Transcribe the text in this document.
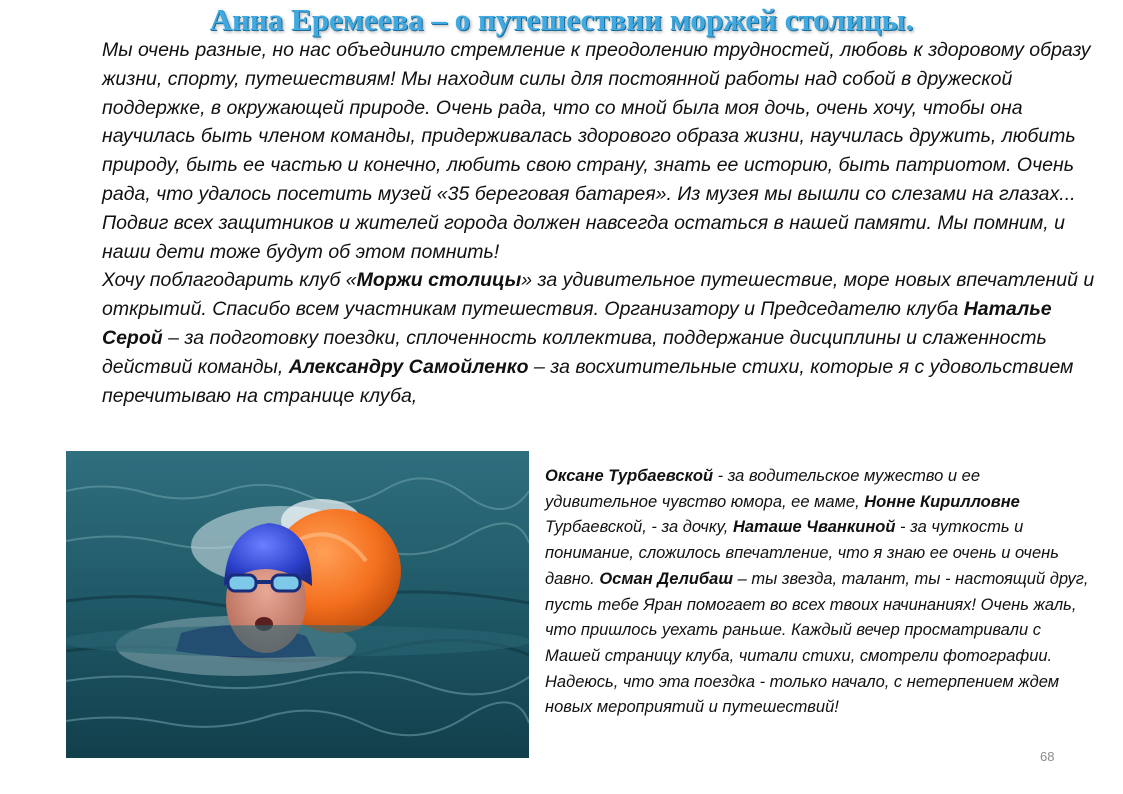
Анна Еремеева – о путешествии моржей столицы.

Мы очень разные, но нас объединило стремление к преодолению трудностей, любовь к здоровому образу жизни, спорту, путешествиям! Мы находим силы для постоянной работы над собой в дружеской поддержке, в окружающей природе. Очень рада, что со мной была моя дочь, очень хочу, чтобы она научилась быть членом команды, придерживалась здорового образа жизни, научилась дружить, любить природу, быть ее частью и конечно, любить свою страну, знать ее историю, быть патриотом. Очень рада, что удалось посетить музей «35 береговая батарея». Из музея мы вышли со слезами на глазах... Подвиг всех защитников и жителей города должен навсегда остаться в нашей памяти. Мы помним, и наши дети тоже будут об этом помнить!

Хочу поблагодарить клуб «Моржи столицы» за удивительное путешествие, море новых впечатлений и открытий. Спасибо всем участникам путешествия. Организатору и Председателю клуба Наталье Серой – за подготовку поездки, сплоченность коллектива, поддержание дисциплины и слаженность действий команды, Александру Самойленко – за восхитительные стихи, которые я с удовольствием перечитываю на странице клуба,

Оксане Турбаевской - за водительское мужество и ее удивительное чувство юмора, ее маме, Нонне Кирилловне Турбаевской, - за дочку, Наташе Чванкиной - за чуткость и понимание, сложилось впечатление, что я знаю ее очень и очень давно. Осман Делибаш – ты звезда, талант, ты - настоящий друг, пусть тебе Яран помогает во всех твоих начинаниях! Очень жаль, что пришлось уехать раньше. Каждый вечер просматривали с Машей страницу клуба, читали стихи, смотрели фотографии. Надеюсь, что эта поездка - только начало, с нетерпением ждем новых мероприятий и путешествий!
68
